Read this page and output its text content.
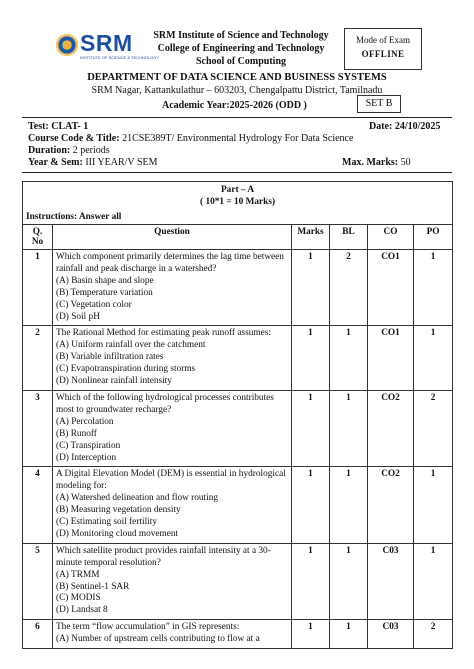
SRM
INSTITUTE OF SCIENCE & TECHNOLOGY
SRM Institute of Science and Technology
College of Engineering and Technology
School of Computing
Mode of Exam
OFFLINE
DEPARTMENT OF DATA SCIENCE AND BUSINESS SYSTEMS
SRM Nagar, Kattankulathur – 603203, Chengalpattu District, Tamilnadu
Academic Year:2025-2026 (ODD )	SET B
Test: CLAT- 1	Date: 24/10/2025
Course Code & Title: 21CSE389T/ Environmental Hydrology For Data Science
Duration: 2 periods
Year & Sem: III YEAR/V SEM	Max. Marks: 50
Part – A
( 10*1 = 10 Marks)					

Instructions: Answer all					
Q. No	Question	Marks	BL	CO	PO
1	Which component primarily determines the lag time between rainfall and peak discharge in a watershed?
(A) Basin shape and slope
(B) Temperature variation
(C) Vegetation color
(D) Soil pH	1	2	CO1	1
2	The Rational Method for estimating peak runoff assumes:
(A) Uniform rainfall over the catchment
(B) Variable infiltration rates
(C) Evapotranspiration during storms
(D) Nonlinear rainfall intensity	1	1	CO1	1
3	Which of the following hydrological processes contributes most to groundwater recharge?
(A) Percolation
(B) Runoff
(C) Transpiration
(D) Interception	1	1	CO2	2
4	A Digital Elevation Model (DEM) is essential in hydrological modeling for:
(A) Watershed delineation and flow routing
(B) Measuring vegetation density
(C) Estimating soil fertility
(D) Monitoring cloud movement	1	1	CO2	1
5	Which satellite product provides rainfall intensity at a 30-minute temporal resolution?
(A) TRMM
(B) Sentinel-1 SAR
(C) MODIS
(D) Landsat 8	1	1	C03	1
6	The term “flow accumulation” in GIS represents:
(A) Number of upstream cells contributing to flow at a	1	1	C03	2
